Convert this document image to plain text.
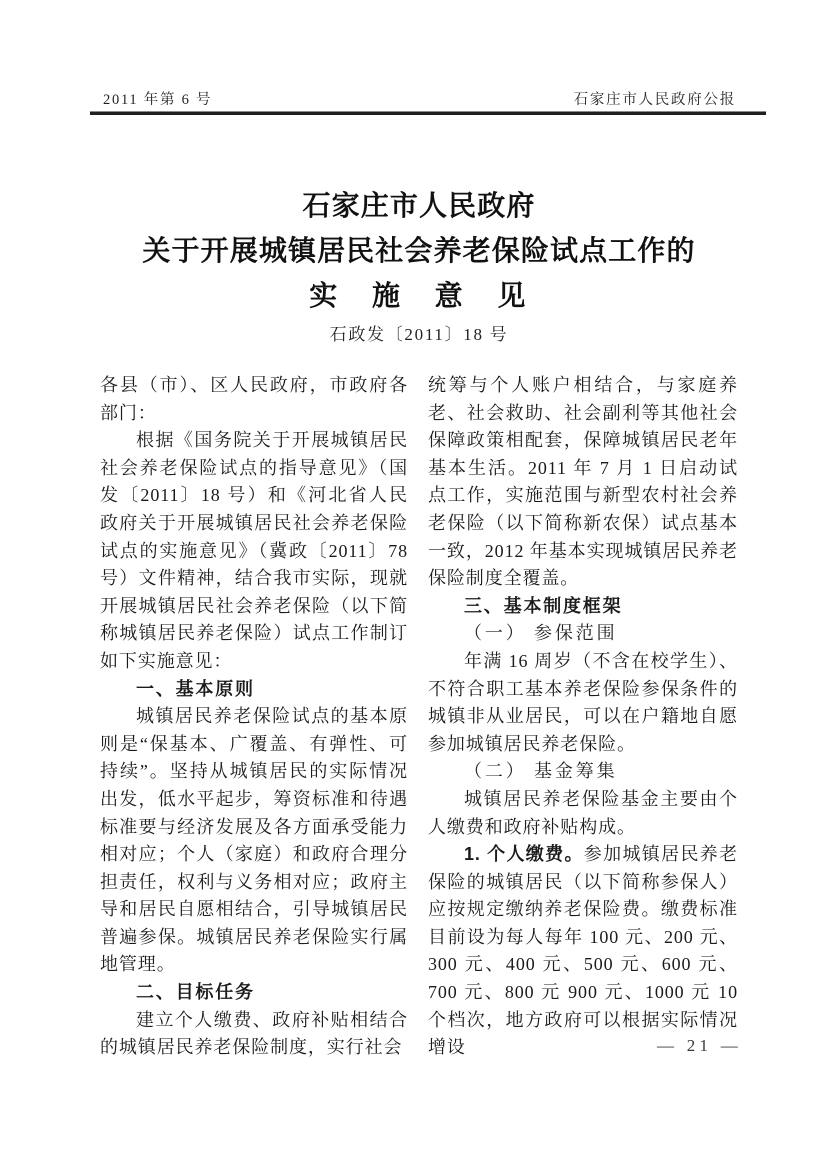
2011 年第 6 号	石家庄市人民政府公报
石家庄市人民政府
关于开展城镇居民社会养老保险试点工作的
实　施　意　见
石政发〔2011〕18 号

各县（市）、区人民政府，市政府各部门：

根据《国务院关于开展城镇居民社会养老保险试点的指导意见》（国发〔2011〕18 号）和《河北省人民政府关于开展城镇居民社会养老保险试点的实施意见》（冀政〔2011〕78 号）文件精神，结合我市实际，现就开展城镇居民社会养老保险（以下简称城镇居民养老保险）试点工作制订如下实施意见：

一、基本原则

城镇居民养老保险试点的基本原则是“保基本、广覆盖、有弹性、可持续”。坚持从城镇居民的实际情况出发，低水平起步，筹资标准和待遇标准要与经济发展及各方面承受能力相对应；个人（家庭）和政府合理分担责任，权利与义务相对应；政府主导和居民自愿相结合，引导城镇居民普遍参保。城镇居民养老保险实行属地管理。

二、目标任务

建立个人缴费、政府补贴相结合的城镇居民养老保险制度，实行社会

统筹与个人账户相结合，与家庭养老、社会救助、社会副利等其他社会保障政策相配套，保障城镇居民老年基本生活。2011 年 7 月 1 日启动试点工作，实施范围与新型农村社会养老保险（以下简称新农保）试点基本一致，2012 年基本实现城镇居民养老保险制度全覆盖。

三、基本制度框架

（一） 参保范围

年满 16 周岁（不含在校学生）、不符合职工基本养老保险参保条件的城镇非从业居民，可以在户籍地自愿参加城镇居民养老保险。

（二） 基金筹集

城镇居民养老保险基金主要由个人缴费和政府补贴构成。

1. 个人缴费。参加城镇居民养老保险的城镇居民（以下简称参保人）应按规定缴纳养老保险费。缴费标准目前设为每人每年 100 元、200 元、300 元、400 元、500 元、600 元、700 元、800 元 900 元、1000 元 10 个档次，地方政府可以根据实际情况增设	— 21 —
